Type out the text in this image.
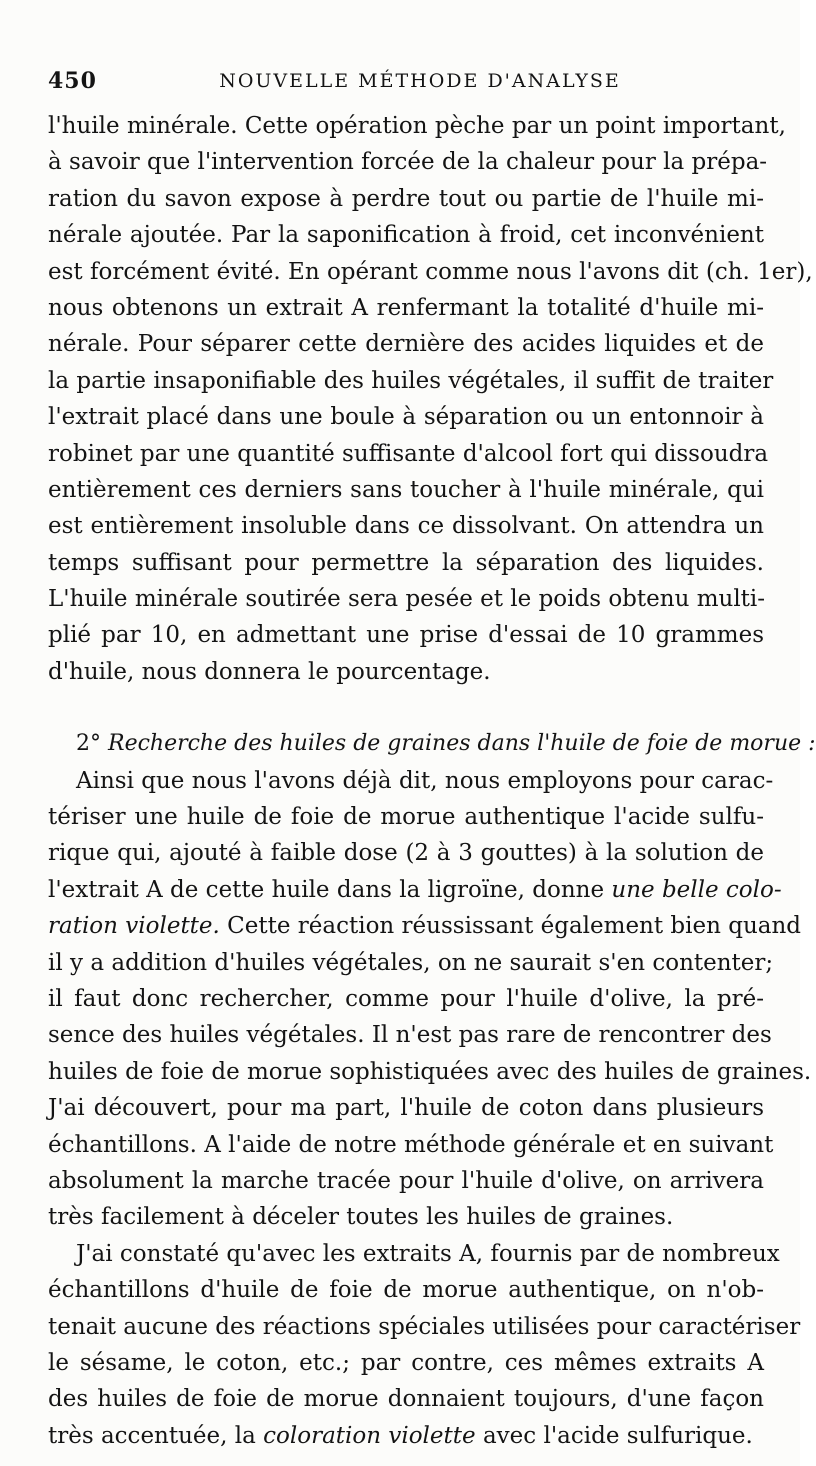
450	NOUVELLE MÉTHODE D'ANALYSE
l'huile minérale. Cette opération pèche par un point important,
à savoir que l'intervention forcée de la chaleur pour la prépa-
ration du savon expose à perdre tout ou partie de l'huile mi-
nérale ajoutée. Par la saponification à froid, cet inconvénient
est forcément évité. En opérant comme nous l'avons dit (ch. 1er),
nous obtenons un extrait A renfermant la totalité d'huile mi-
nérale. Pour séparer cette dernière des acides liquides et de
la partie insaponifiable des huiles végétales, il suffit de traiter
l'extrait placé dans une boule à séparation ou un entonnoir à
robinet par une quantité suffisante d'alcool fort qui dissoudra
entièrement ces derniers sans toucher à l'huile minérale, qui
est entièrement insoluble dans ce dissolvant. On attendra un
temps suffisant pour permettre la séparation des liquides.
L'huile minérale soutirée sera pesée et le poids obtenu multi-
plié par 10, en admettant une prise d'essai de 10 grammes
d'huile, nous donnera le pourcentage.
2° Recherche des huiles de graines dans l'huile de foie de morue :
Ainsi que nous l'avons déjà dit, nous employons pour carac-
tériser une huile de foie de morue authentique l'acide sulfu-
rique qui, ajouté à faible dose (2 à 3 gouttes) à la solution de
l'extrait A de cette huile dans la ligroïne, donne une belle colo-
ration violette. Cette réaction réussissant également bien quand
il y a addition d'huiles végétales, on ne saurait s'en contenter;
il faut donc rechercher, comme pour l'huile d'olive, la pré-
sence des huiles végétales. Il n'est pas rare de rencontrer des
huiles de foie de morue sophistiquées avec des huiles de graines.
J'ai découvert, pour ma part, l'huile de coton dans plusieurs
échantillons. A l'aide de notre méthode générale et en suivant
absolument la marche tracée pour l'huile d'olive, on arrivera
très facilement à déceler toutes les huiles de graines.
J'ai constaté qu'avec les extraits A, fournis par de nombreux
échantillons d'huile de foie de morue authentique, on n'ob-
tenait aucune des réactions spéciales utilisées pour caractériser
le sésame, le coton, etc.; par contre, ces mêmes extraits A
des huiles de foie de morue donnaient toujours, d'une façon
très accentuée, la coloration violette avec l'acide sulfurique.
